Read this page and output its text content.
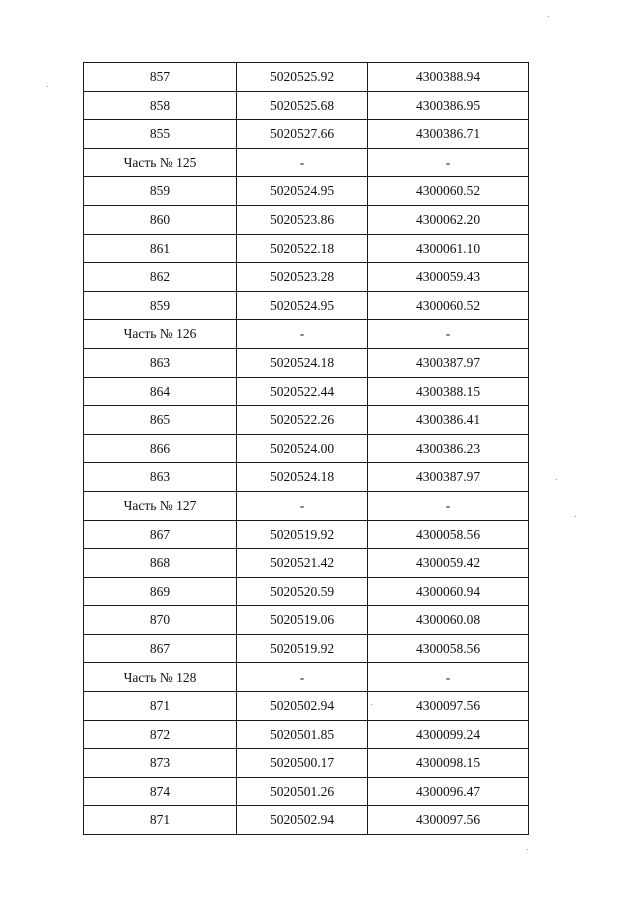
857	5020525.92	4300388.94
858	5020525.68	4300386.95
855	5020527.66	4300386.71
Часть № 125	-	-
859	5020524.95	4300060.52
860	5020523.86	4300062.20
861	5020522.18	4300061.10
862	5020523.28	4300059.43
859	5020524.95	4300060.52
Часть № 126	-	-
863	5020524.18	4300387.97
864	5020522.44	4300388.15
865	5020522.26	4300386.41
866	5020524.00	4300386.23
863	5020524.18	4300387.97
Часть № 127	-	-
867	5020519.92	4300058.56
868	5020521.42	4300059.42
869	5020520.59	4300060.94
870	5020519.06	4300060.08
867	5020519.92	4300058.56
Часть № 128	-	-
871	5020502.94	4300097.56
872	5020501.85	4300099.24
873	5020500.17	4300098.15
874	5020501.26	4300096.47
871	5020502.94	4300097.56
